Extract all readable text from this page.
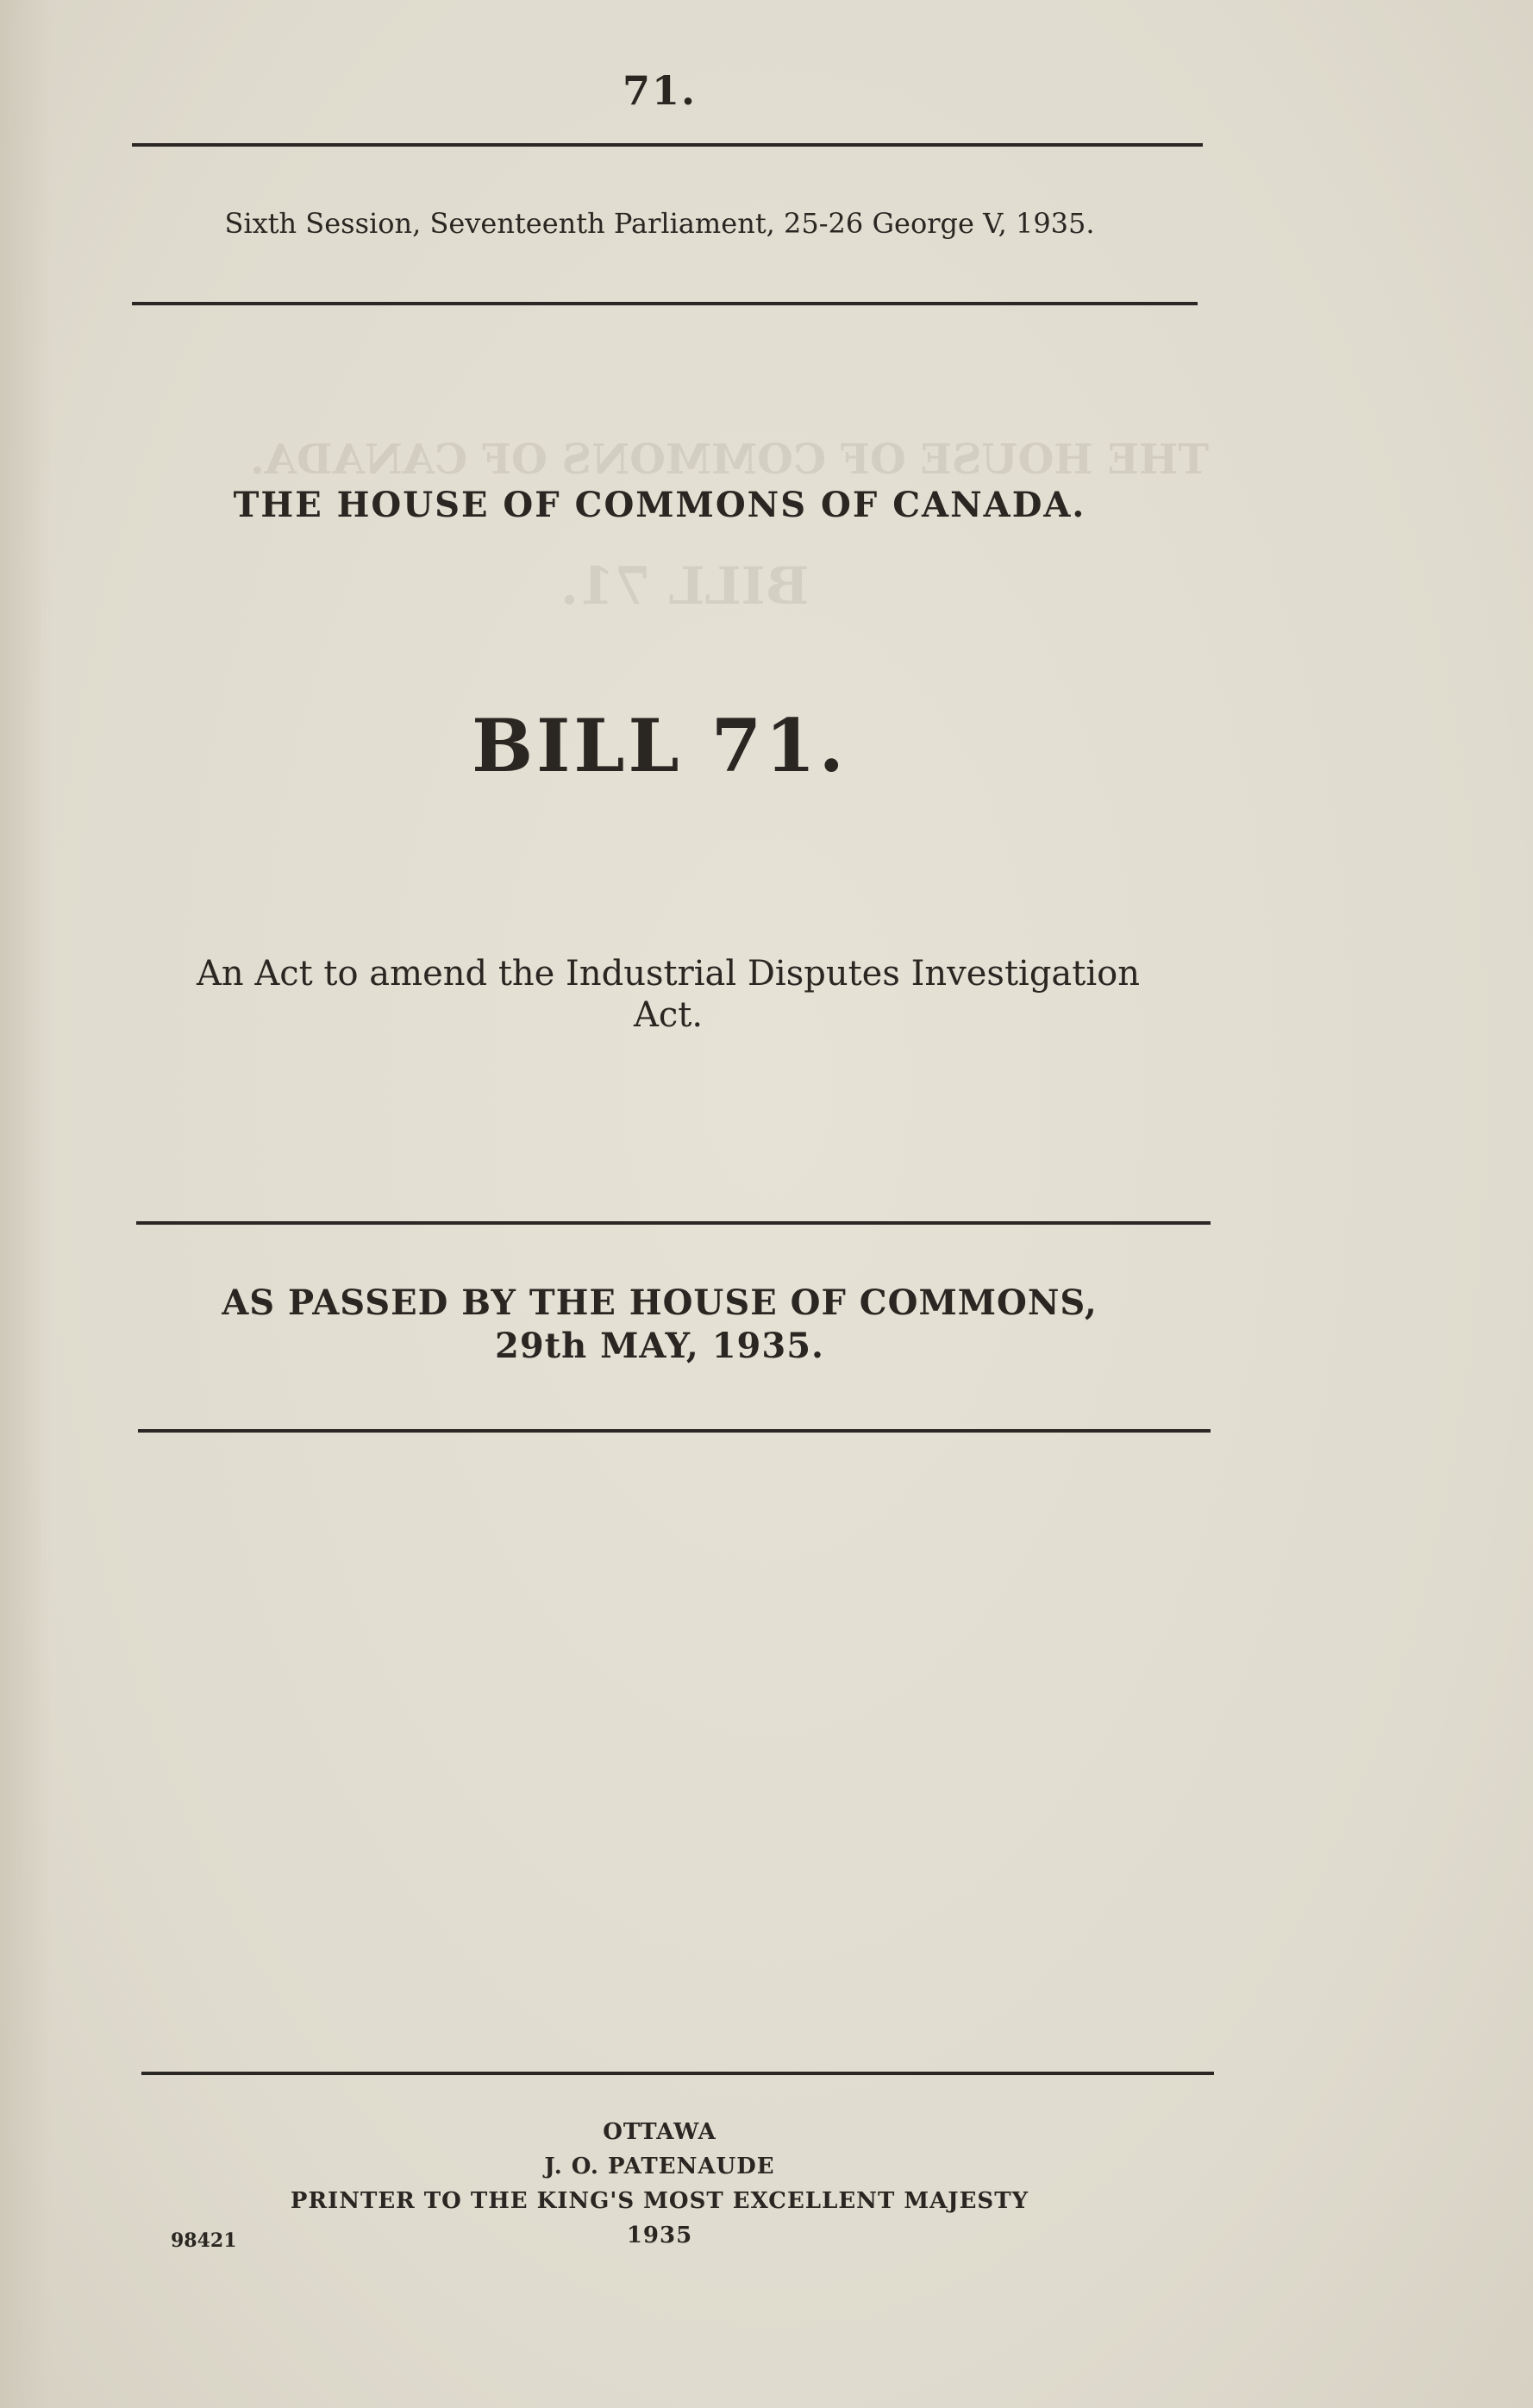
THE HOUSE OF COMMONS OF CANADA.
BILL 71.
71.
Sixth Session, Seventeenth Parliament, 25-26 George V, 1935.
THE HOUSE OF COMMONS OF CANADA.
BILL 71.
An Act to amend the Industrial Disputes Investigation
Act.
AS PASSED BY THE HOUSE OF COMMONS,
29th MAY, 1935.
OTTAWA
J. O. PATENAUDE
PRINTER TO THE KING'S MOST EXCELLENT MAJESTY
1935
98421
